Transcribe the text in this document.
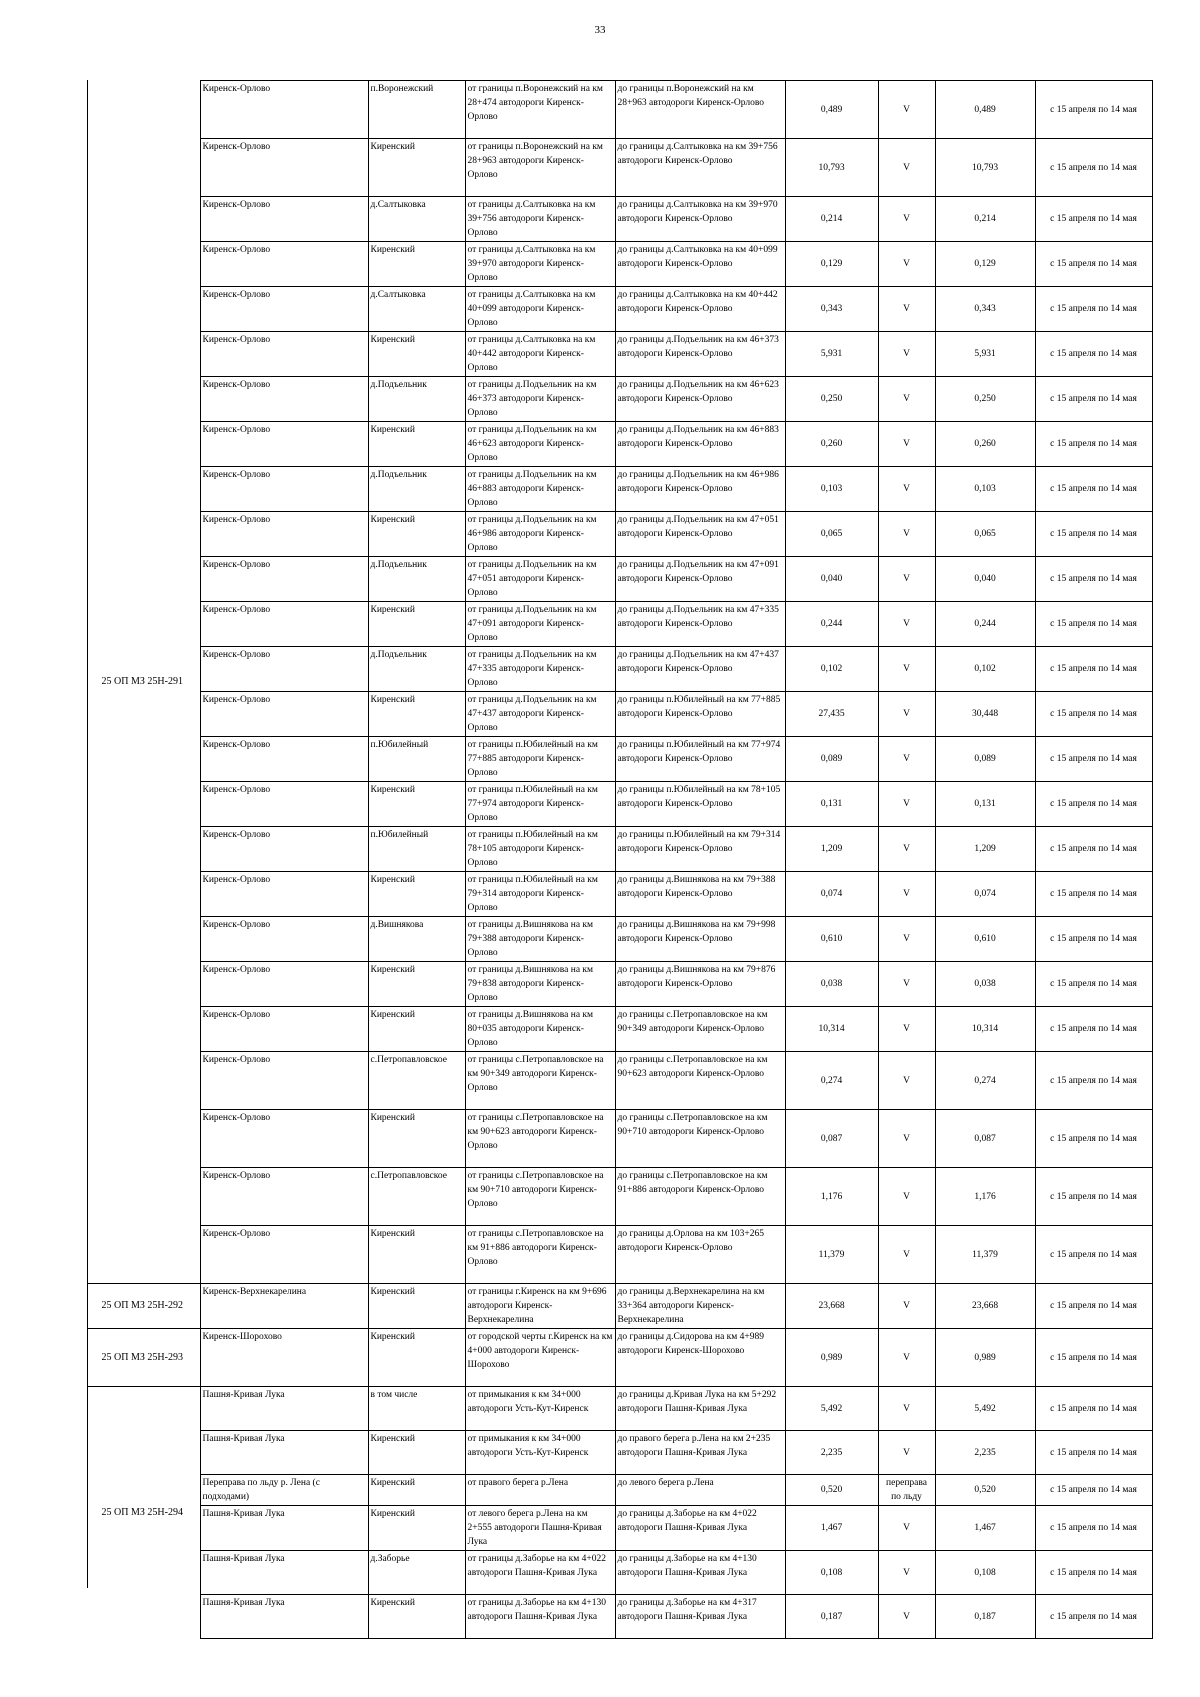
33
25 ОП МЗ 25Н-291	Киренск-Орлово	п.Воронежский	от границы п.Воронежский на км 28+474 автодороги Киренск-Орлово	до границы п.Воронежский на км 28+963 автодороги Киренск-Орлово	0,489	V	0,489	с 15 апреля по 14 мая
	Киренск-Орлово	Киренский	от границы п.Воронежский на км 28+963 автодороги Киренск-Орлово	до границы д.Салтыковка на км 39+756 автодороги Киренск-Орлово	10,793	V	10,793	с 15 апреля по 14 мая
	Киренск-Орлово	д.Салтыковка	от границы д.Салтыковка на км 39+756 автодороги Киренск-Орлово	до границы д.Салтыковка на км 39+970 автодороги Киренск-Орлово	0,214	V	0,214	с 15 апреля по 14 мая
	Киренск-Орлово	Киренский	от границы д.Салтыковка на км 39+970 автодороги Киренск-Орлово	до границы д.Салтыковка на км 40+099 автодороги Киренск-Орлово	0,129	V	0,129	с 15 апреля по 14 мая
	Киренск-Орлово	д.Салтыковка	от границы д.Салтыковка на км 40+099 автодороги Киренск-Орлово	до границы д.Салтыковка на км 40+442 автодороги Киренск-Орлово	0,343	V	0,343	с 15 апреля по 14 мая
	Киренск-Орлово	Киренский	от границы д.Салтыковка на км 40+442 автодороги Киренск-Орлово	до границы д.Подъельник на км 46+373 автодороги Киренск-Орлово	5,931	V	5,931	с 15 апреля по 14 мая
	Киренск-Орлово	д.Подъельник	от границы д.Подъельник на км 46+373 автодороги Киренск-Орлово	до границы д.Подъельник на км 46+623 автодороги Киренск-Орлово	0,250	V	0,250	с 15 апреля по 14 мая
	Киренск-Орлово	Киренский	от границы д.Подъельник на км 46+623 автодороги Киренск-Орлово	до границы д.Подъельник на км 46+883 автодороги Киренск-Орлово	0,260	V	0,260	с 15 апреля по 14 мая
	Киренск-Орлово	д.Подъельник	от границы д.Подъельник на км 46+883 автодороги Киренск-Орлово	до границы д.Подъельник на км 46+986 автодороги Киренск-Орлово	0,103	V	0,103	с 15 апреля по 14 мая
	Киренск-Орлово	Киренский	от границы д.Подъельник на км 46+986 автодороги Киренск-Орлово	до границы д.Подъельник на км 47+051 автодороги Киренск-Орлово	0,065	V	0,065	с 15 апреля по 14 мая
	Киренск-Орлово	д.Подъельник	от границы д.Подъельник на км 47+051 автодороги Киренск-Орлово	до границы д.Подъельник на км 47+091 автодороги Киренск-Орлово	0,040	V	0,040	с 15 апреля по 14 мая
	Киренск-Орлово	Киренский	от границы д.Подъельник на км 47+091 автодороги Киренск-Орлово	до границы д.Подъельник на км 47+335 автодороги Киренск-Орлово	0,244	V	0,244	с 15 апреля по 14 мая
	Киренск-Орлово	д.Подъельник	от границы д.Подъельник на км 47+335 автодороги Киренск-Орлово	до границы д.Подъельник на км 47+437 автодороги Киренск-Орлово	0,102	V	0,102	с 15 апреля по 14 мая
	Киренск-Орлово	Киренский	от границы д.Подъельник на км 47+437 автодороги Киренск-Орлово	до границы п.Юбилейный на км 77+885 автодороги Киренск-Орлово	27,435	V	30,448	с 15 апреля по 14 мая
	Киренск-Орлово	п.Юбилейный	от границы п.Юбилейный на км 77+885 автодороги Киренск-Орлово	до границы п.Юбилейный на км 77+974 автодороги Киренск-Орлово	0,089	V	0,089	с 15 апреля по 14 мая
	Киренск-Орлово	Киренский	от границы п.Юбилейный на км 77+974 автодороги Киренск-Орлово	до границы п.Юбилейный на км 78+105 автодороги Киренск-Орлово	0,131	V	0,131	с 15 апреля по 14 мая
	Киренск-Орлово	п.Юбилейный	от границы п.Юбилейный на км 78+105 автодороги Киренск-Орлово	до границы п.Юбилейный на км 79+314 автодороги Киренск-Орлово	1,209	V	1,209	с 15 апреля по 14 мая
	Киренск-Орлово	Киренский	от границы п.Юбилейный на км 79+314 автодороги Киренск-Орлово	до границы д.Вишнякова на км 79+388 автодороги Киренск-Орлово	0,074	V	0,074	с 15 апреля по 14 мая
	Киренск-Орлово	д.Вишнякова	от границы д.Вишнякова на км 79+388 автодороги Киренск-Орлово	до границы д.Вишнякова на км 79+998 автодороги Киренск-Орлово	0,610	V	0,610	с 15 апреля по 14 мая
	Киренск-Орлово	Киренский	от границы д.Вишнякова на км 79+838 автодороги Киренск-Орлово	до границы д.Вишнякова на км 79+876 автодороги Киренск-Орлово	0,038	V	0,038	с 15 апреля по 14 мая
	Киренск-Орлово	Киренский	от границы д.Вишнякова на км 80+035 автодороги Киренск-Орлово	до границы с.Петропавловское на км 90+349 автодороги Киренск-Орлово	10,314	V	10,314	с 15 апреля по 14 мая
	Киренск-Орлово	с.Петропавловское	от границы с.Петропавловское на км 90+349 автодороги Киренск-Орлово	до границы с.Петропавловское на км 90+623 автодороги Киренск-Орлово	0,274	V	0,274	с 15 апреля по 14 мая
	Киренск-Орлово	Киренский	от границы с.Петропавловское на км 90+623 автодороги Киренск-Орлово	до границы с.Петропавловское на км 90+710 автодороги Киренск-Орлово	0,087	V	0,087	с 15 апреля по 14 мая
	Киренск-Орлово	с.Петропавловское	от границы с.Петропавловское на км 90+710 автодороги Киренск-Орлово	до границы с.Петропавловское на км 91+886 автодороги Киренск-Орлово	1,176	V	1,176	с 15 апреля по 14 мая
	Киренск-Орлово	Киренский	от границы с.Петропавловское на км 91+886 автодороги Киренск-Орлово	до границы д.Орлова на км 103+265 автодороги Киренск-Орлово	11,379	V	11,379	с 15 апреля по 14 мая
25 ОП МЗ 25Н-292	Киренск-Верхнекарелина	Киренский	от границы г.Киренск на км 9+696 автодороги Киренск-Верхнекарелина	до границы д.Верхнекарелина на км 33+364 автодороги Киренск-Верхнекарелина	23,668	V	23,668	с 15 апреля по 14 мая
25 ОП МЗ 25Н-293	Киренск-Шорохово	Киренский	от городской черты г.Киренск на км 4+000 автодороги Киренск-Шорохово	до границы д.Сидорова на км 4+989 автодороги Киренск-Шорохово	0,989	V	0,989	с 15 апреля по 14 мая
25 ОП МЗ 25Н-294	Пашня-Кривая Лука	в том числе	от примыкания к км 34+000 автодороги Усть-Кут-Киренск	до границы д.Кривая Лука на км 5+292 автодороги Пашня-Кривая Лука	5,492	V	5,492	с 15 апреля по 14 мая
	Пашня-Кривая Лука	Киренский	от примыкания к км 34+000 автодороги Усть-Кут-Киренск	до правого берега р.Лена на км 2+235 автодороги Пашня-Кривая Лука	2,235	V	2,235	с 15 апреля по 14 мая
	Переправа по льду р. Лена (с подходами)	Киренский	от правого берега р.Лена	до левого берега р.Лена	0,520	переправа по льду	0,520	с 15 апреля по 14 мая
	Пашня-Кривая Лука	Киренский	от левого берега р.Лена на км 2+555 автодороги Пашня-Кривая Лука	до границы д.Заборье на км 4+022 автодороги Пашня-Кривая Лука	1,467	V	1,467	с 15 апреля по 14 мая
	Пашня-Кривая Лука	д.Заборье	от границы д.Заборье на км 4+022 автодороги Пашня-Кривая Лука	до границы д.Заборье на км 4+130 автодороги Пашня-Кривая Лука	0,108	V	0,108	с 15 апреля по 14 мая
	Пашня-Кривая Лука	Киренский	от границы д.Заборье на км 4+130 автодороги Пашня-Кривая Лука	до границы д.Заборье на км 4+317 автодороги Пашня-Кривая Лука	0,187	V	0,187	с 15 апреля по 14 мая
